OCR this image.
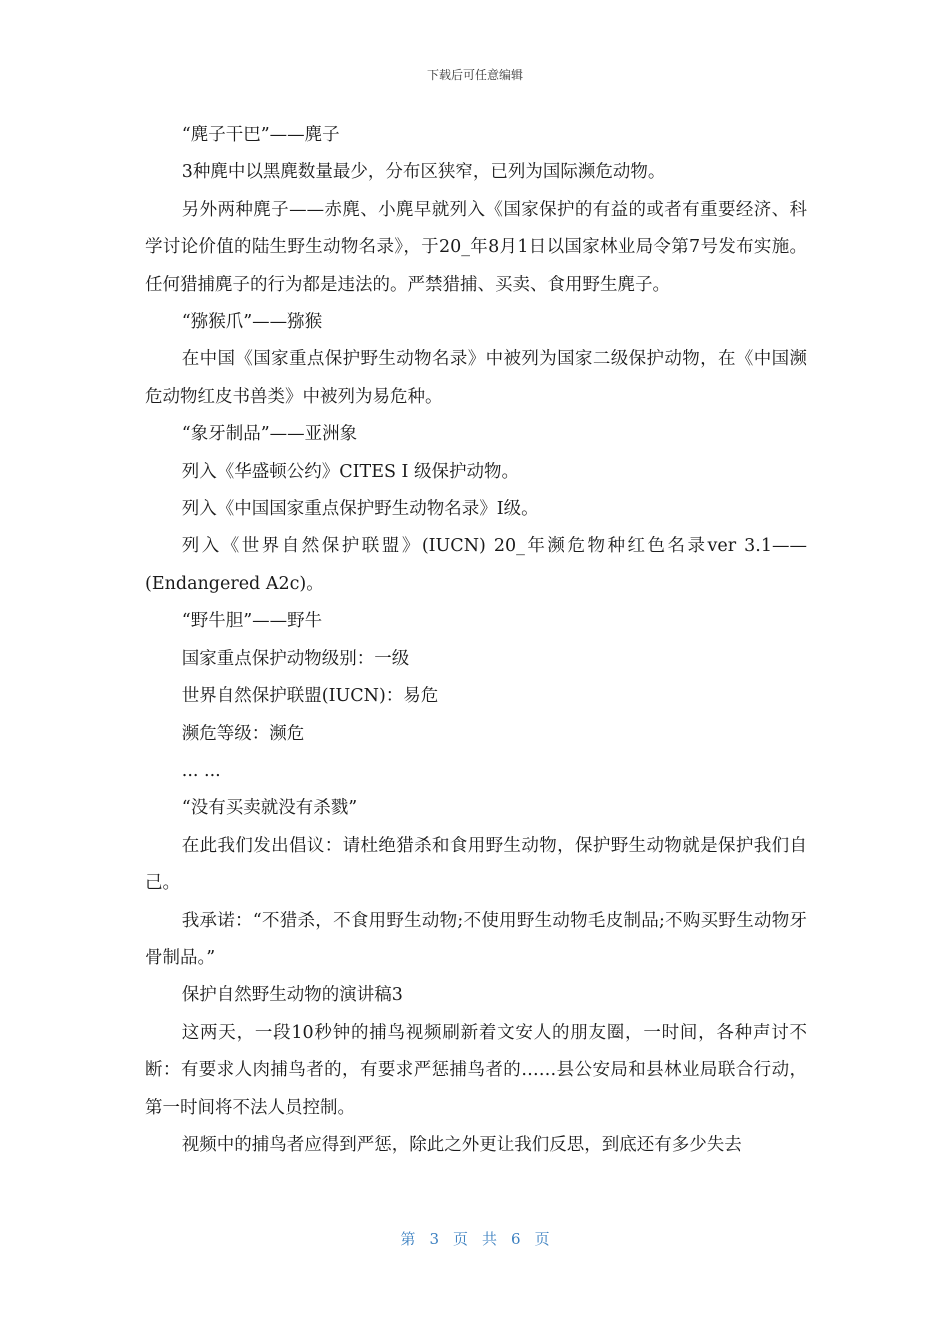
下载后可任意编辑

“麂子干巴”——麂子

3种麂中以黑麂数量最少，分布区狭窄，已列为国际濒危动物。

另外两种麂子——赤麂、小麂早就列入《国家保护的有益的或者有重要经济、科学讨论价值的陆生野生动物名录》，于20_年8月1日以国家林业局令第7号发布实施。任何猎捕麂子的行为都是违法的。严禁猎捕、买卖、食用野生麂子。

“猕猴爪”——猕猴

在中国《国家重点保护野生动物名录》中被列为国家二级保护动物，在《中国濒危动物红皮书兽类》中被列为易危种。

“象牙制品”——亚洲象

列入《华盛顿公约》CITES Ⅰ 级保护动物。

列入《中国国家重点保护野生动物名录》Ⅰ级。

列入《世界自然保护联盟》(IUCN) 20_年濒危物种红色名录ver 3.1——(Endangered A2c)。

“野牛胆”——野牛

国家重点保护动物级别：一级

世界自然保护联盟(IUCN)：易危

濒危等级：濒危

... ...

“没有买卖就没有杀戮”

在此我们发出倡议：请杜绝猎杀和食用野生动物，保护野生动物就是保护我们自己。

我承诺：“不猎杀，不食用野生动物;不使用野生动物毛皮制品;不购买野生动物牙骨制品。”

保护自然野生动物的演讲稿3

这两天，一段10秒钟的捕鸟视频刷新着文安人的朋友圈，一时间，各种声讨不断：有要求人肉捕鸟者的，有要求严惩捕鸟者的……县公安局和县林业局联合行动，第一时间将不法人员控制。

视频中的捕鸟者应得到严惩，除此之外更让我们反思，到底还有多少失去

第 3 页 共 6 页
